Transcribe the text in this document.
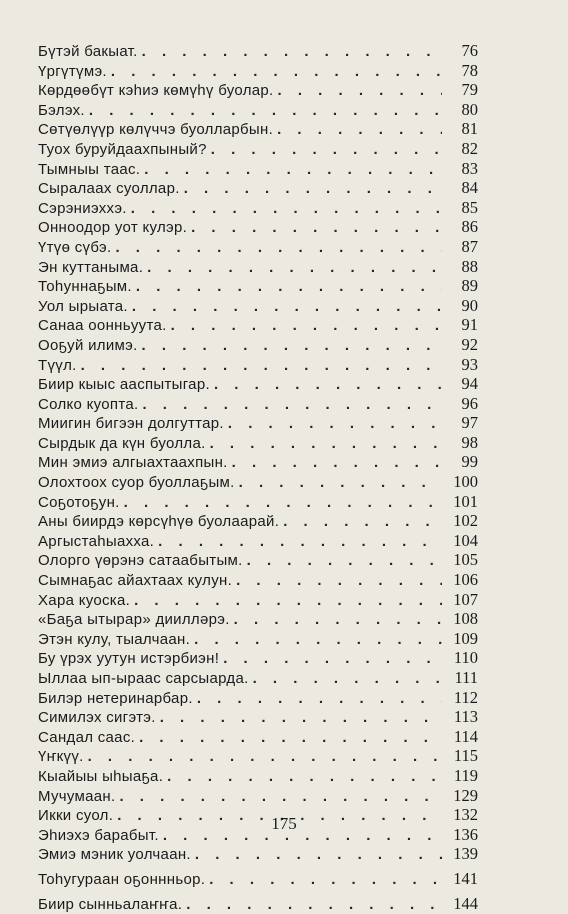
Бүтэй бакыат. . . .	76
Үргүтүмэ. . . .	78
Көрдөөбүт кэһиэ көмүһү буолар. . . .	79
Бэлэх. . . .	80
Сөтүөлүүр көлүччэ буолларбын. . . .	81
Туох буруйдаахпыный? . . .	82
Тымныы таас. . . .	83
Сыралаах суоллар. . . .	84
Сэрэниэххэ. . . .	85
Онноодор уот кулэр. . . .	86
Үтүө сүбэ. . . .	87
Эн куттаныма. . . .	88
Тоһуннаҕым. . . .	89
Уол ырыата. . . .	90
Санаа оонньуута. . . .	91
Ооҕуй илимэ. . . .	92
Түүл. . . .	93
Биир кыыс ааспытыгар. . . .	94
Солко куопта. . . .	96
Миигин бигээн долгуттар. . . .	97
Сырдык да күн буолла. . . .	98
Мин эмиэ алгыахтаахпын. . . .	99
Олохтоох суор буоллаҕым. . . .	100
Соҕотоҕун. . . .	101
Аны биирдэ көрсүһүө буолаарай. . . .	102
Аргыстаһыахха. . . .	104
Олорго үөрэнэ сатаабытым. . . .	105
Сымнаҕас айахтаах кулун. . . .	106
Хара куоска. . . .	107
«Баҕа ытырар» диилләрэ. . . .	108
Этэн кулу, тыалчаан. . . .	109
Бу үрэх уутун истэрбиэн! . . .	110
Ыллаа ып-ыраас сарсыарда. . . .	111
Билэр нетеринарбар. . . .	112
Симилэх сигэтэ. . . .	113
Сандал саас. . . .	114
Үҥкүү. . . .	115
Кыайыы ыһыаҕа. . . .	119
Мучумаан. . . .	129
Икки суол. . . .	132
Эһиэхэ барабыт. . . .	136
Эмиэ мэник уолчаан. . . .	139
Тоһугураан оҕоннньор. . . .	141
Биир сынньалаҥҥа. . . .	144
175
